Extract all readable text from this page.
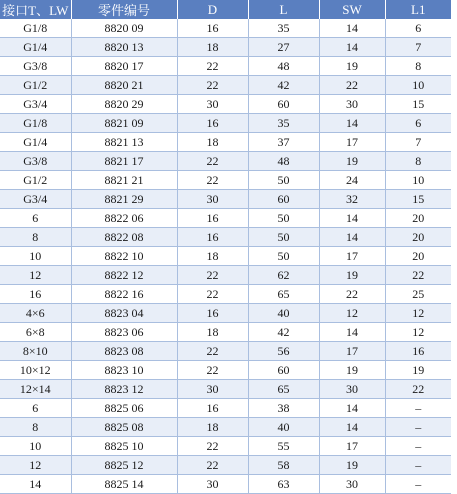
接口T、LW	零件编号	D	L	SW	L1
G1/8	8820 09	16	35	14	6
G1/4	8820 13	18	27	14	7
G3/8	8820 17	22	48	19	8
G1/2	8820 21	22	42	22	10
G3/4	8820 29	30	60	30	15
G1/8	8821 09	16	35	14	6
G1/4	8821 13	18	37	17	7
G3/8	8821 17	22	48	19	8
G1/2	8821 21	22	50	24	10
G3/4	8821 29	30	60	32	15
6	8822 06	16	50	14	20
8	8822 08	16	50	14	20
10	8822 10	18	50	17	20
12	8822 12	22	62	19	22
16	8822 16	22	65	22	25
4×6	8823 04	16	40	12	12
6×8	8823 06	18	42	14	12
8×10	8823 08	22	56	17	16
10×12	8823 10	22	60	19	19
12×14	8823 12	30	65	30	22
6	8825 06	16	38	14	–
8	8825 08	18	40	14	–
10	8825 10	22	55	17	–
12	8825 12	22	58	19	–
14	8825 14	30	63	30	–
